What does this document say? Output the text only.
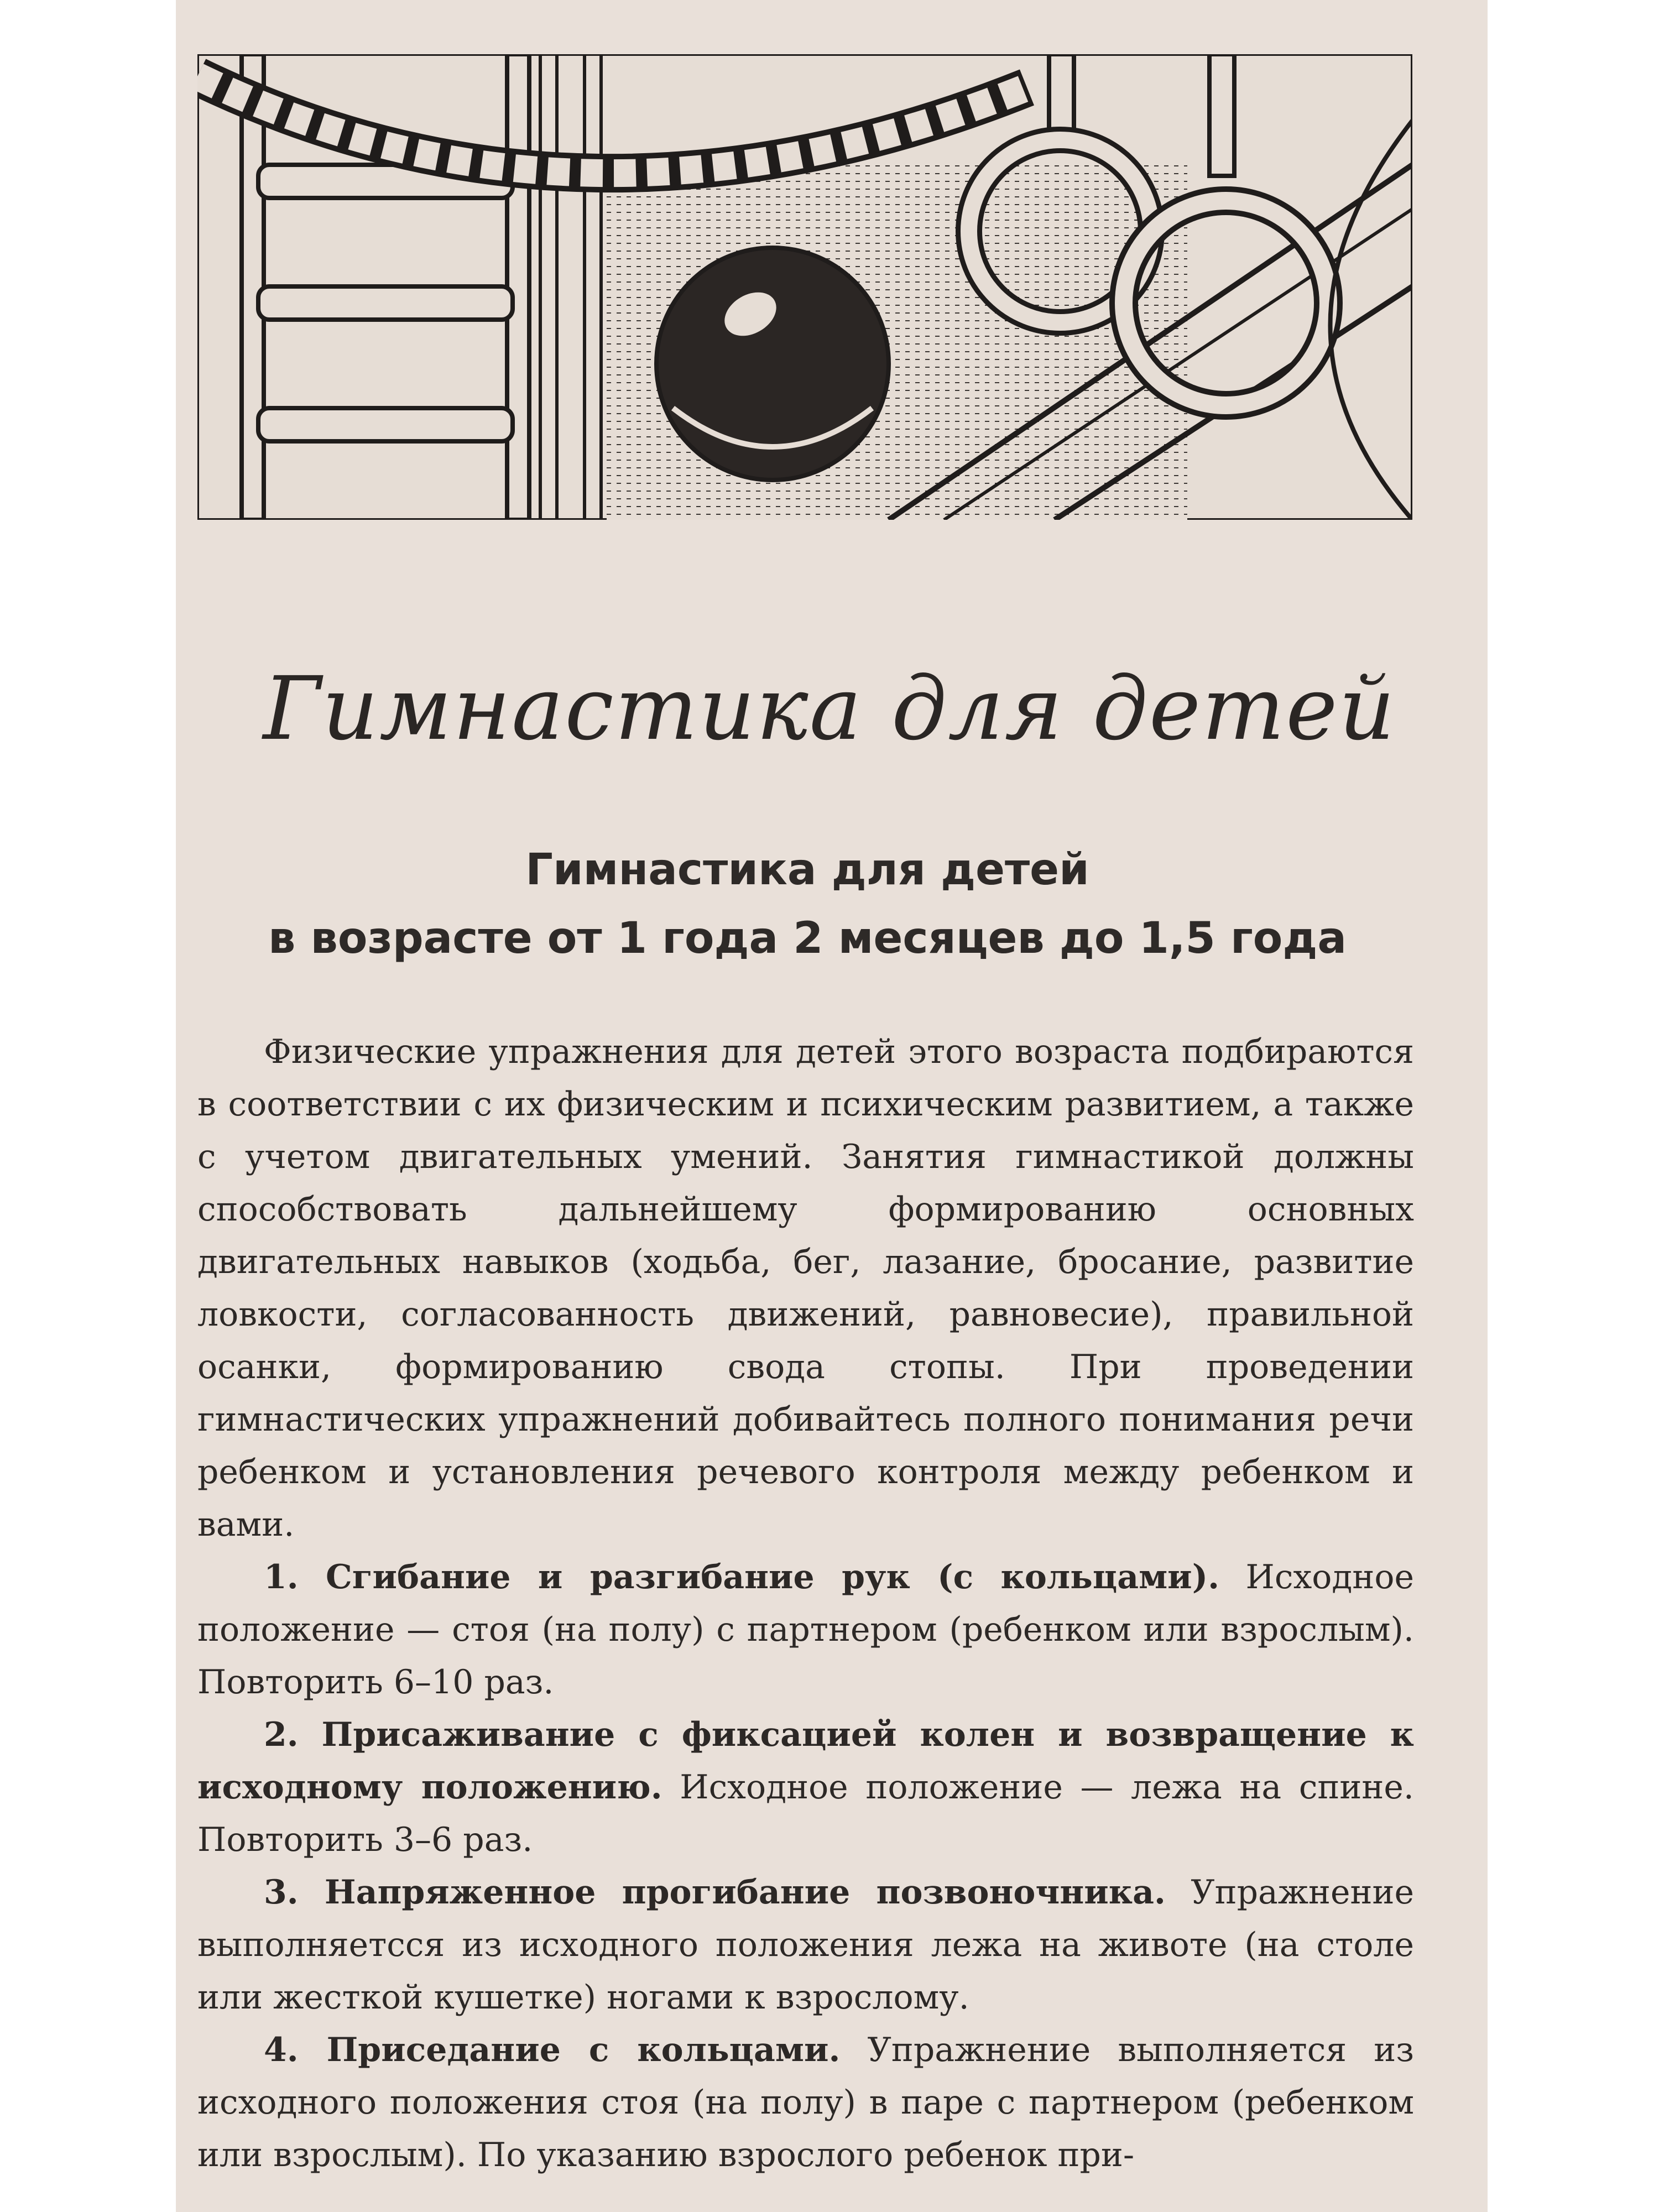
Гимнастика для детей
Гимнастика для детей
в возрасте от 1 года 2 месяцев до 1,5 года

Физические упражнения для детей этого возраста подбираются в соответствии с их физическим и психическим развитием, а также с учетом двигательных умений. Занятия гимнастикой должны способствовать дальнейшему формированию основных двигательных навыков (ходьба, бег, лазание, бросание, развитие ловкости, согласованность движений, равновесие), правильной осанки, формированию свода стопы. При проведении гимнастических упражнений добивайтесь полного понимания речи ребенком и установления речевого контроля между ребенком и вами.

1. Сгибание и разгибание рук (с кольцами). Исходное положение — стоя (на полу) с партнером (ребенком или взрослым). Повторить 6–10 раз.

2. Присаживание с фиксацией колен и возвращение к исходному положению. Исходное положение — лежа на спине. Повторить 3–6 раз.

3. Напряженное прогибание позвоночника. Упражнение выполняетсся из исходного положения лежа на животе (на столе или жесткой кушетке) ногами к взрослому.

4. Приседание с кольцами. Упражнение выполняется из исходного положения стоя (на полу) в паре с партнером (ребенком или взрослым). По указанию взрослого ребенок при-
